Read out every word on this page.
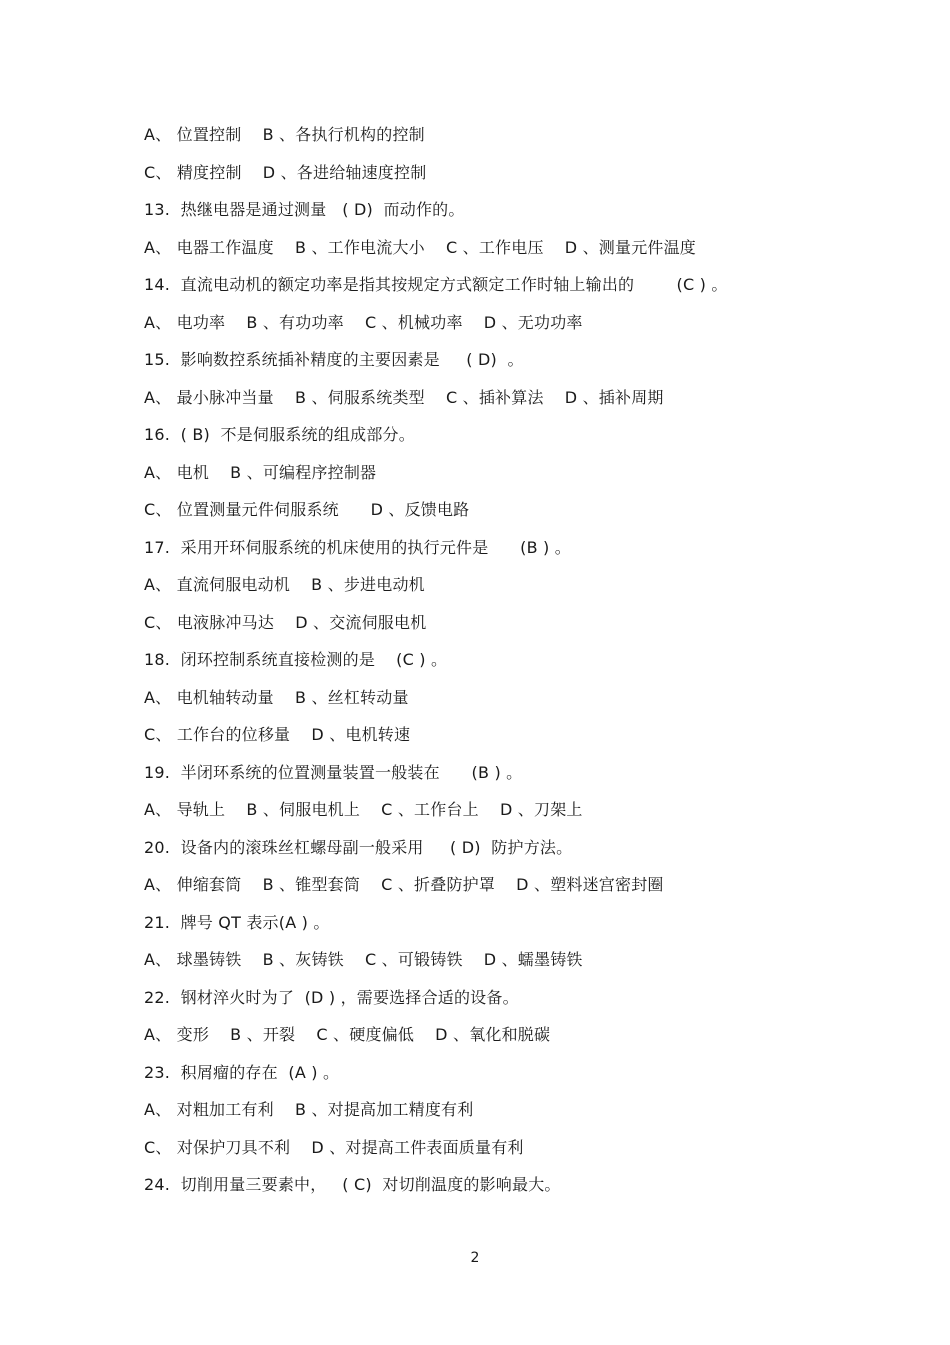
A、 位置控制    B 、各执行机构的控制
C、 精度控制    D 、各进给轴速度控制
13.  热继电器是通过测量   ( D)  而动作的。
A、 电器工作温度    B 、工作电流大小    C 、工作电压    D 、测量元件温度
14.  直流电动机的额定功率是指其按规定方式额定工作时轴上输出的        (C ) 。
A、 电功率    B 、有功功率    C 、机械功率    D 、无功功率
15.  影响数控系统插补精度的主要因素是     ( D)  。
A、 最小脉冲当量    B 、伺服系统类型    C 、插补算法    D 、插补周期
16.  ( B)  不是伺服系统的组成部分。
A、 电机    B 、可编程序控制器
C、 位置测量元件伺服系统      D 、反馈电路
17.  采用开环伺服系统的机床使用的执行元件是      (B ) 。
A、 直流伺服电动机    B 、步进电动机
C、 电液脉冲马达    D 、交流伺服电机
18.  闭环控制系统直接检测的是    (C ) 。
A、 电机轴转动量    B 、丝杠转动量
C、 工作台的位移量    D 、电机转速
19.  半闭环系统的位置测量装置一般装在      (B ) 。
A、 导轨上    B 、伺服电机上    C 、工作台上    D 、刀架上
20.  设备内的滚珠丝杠螺母副一般采用     ( D)  防护方法。
A、 伸缩套筒    B 、锥型套筒    C 、折叠防护罩    D 、塑料迷宫密封圈
21.  牌号 QT 表示(A ) 。
A、 球墨铸铁    B 、灰铸铁    C 、可锻铸铁    D 、蠕墨铸铁
22.  钢材淬火时为了  (D ) ，需要选择合适的设备。
A、 变形    B 、开裂    C 、硬度偏低    D 、氧化和脱碳
23.  积屑瘤的存在  (A ) 。
A、 对粗加工有利    B 、对提高加工精度有利
C、 对保护刀具不利    D 、对提高工件表面质量有利
24.  切削用量三要素中，   ( C)  对切削温度的影响最大。
2
